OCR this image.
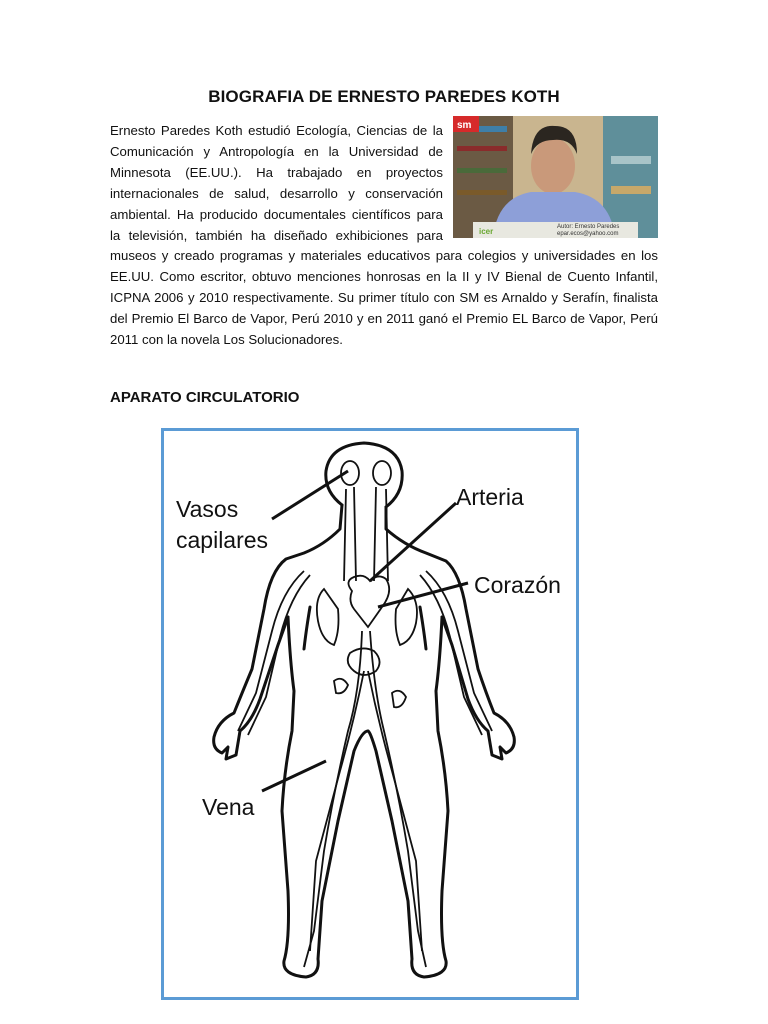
BIOGRAFIA DE ERNESTO PAREDES KOTH
sm
icer	Autor: Ernesto Paredes
epar.ecos@yahoo.com
Ernesto Paredes Koth estudió Ecología, Ciencias de la Comunicación y Antropología en la Universidad de Minnesota (EE.UU.). Ha trabajado en proyectos internacionales de salud, desarrollo y conservación ambiental. Ha producido documentales científicos para la televisión, también ha diseñado exhibiciones para museos y creado programas y materiales educativos para colegios y universidades en los EE.UU. Como escritor, obtuvo menciones honrosas en la II y IV Bienal de Cuento Infantil, ICPNA 2006 y 2010 respectivamente. Su primer título con SM es Arnaldo y Serafín, finalista del Premio El Barco de Vapor, Perú 2010 y en 2011 ganó el Premio EL Barco de Vapor, Perú 2011 con la novela Los Solucionadores.
APARATO CIRCULATORIO
Vasos
capilares
Arteria
Corazón
Vena
